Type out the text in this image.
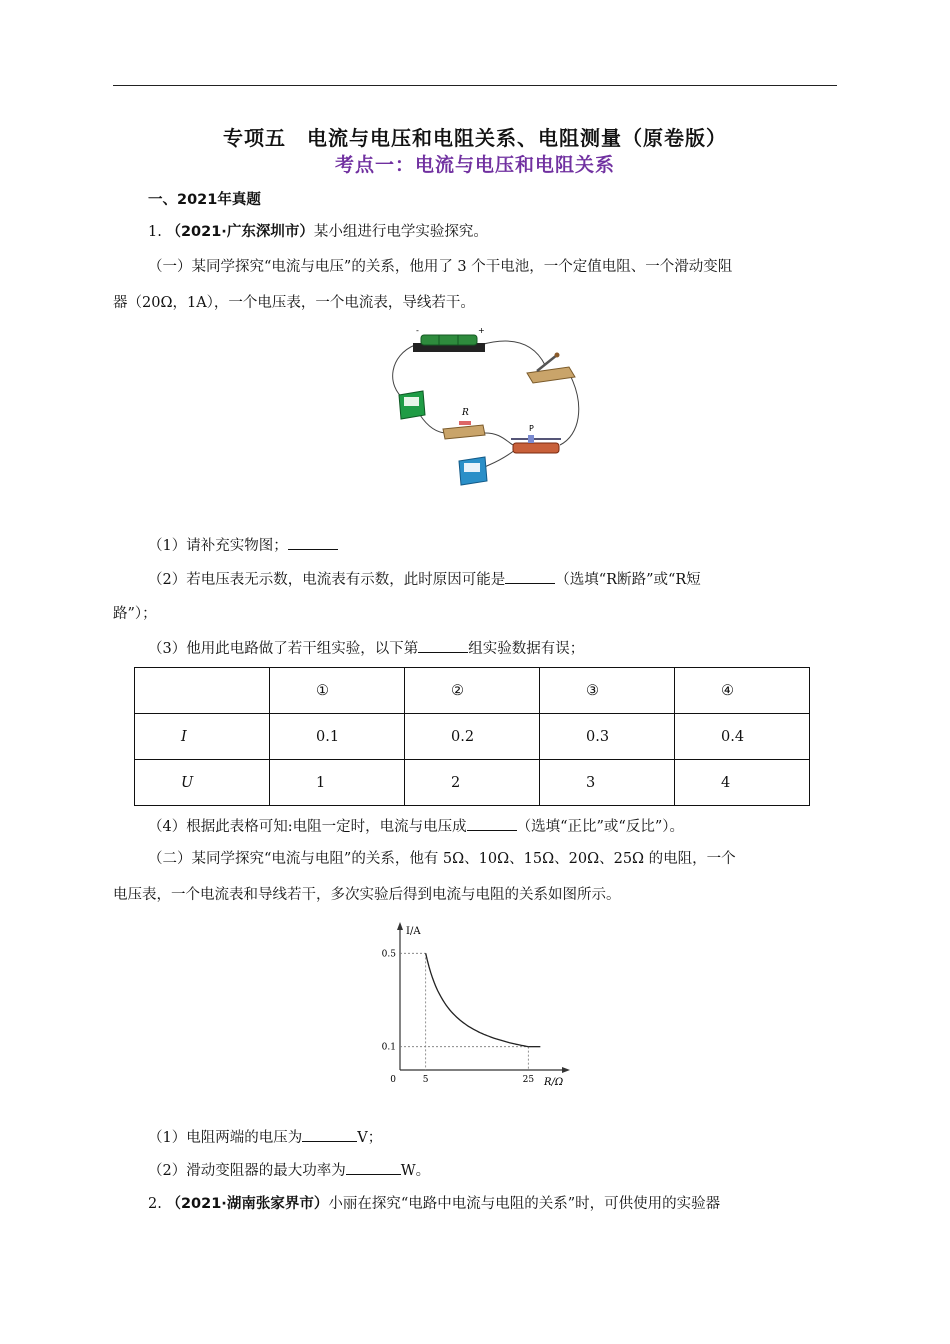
专项五　电流与电压和电阻关系、电阻测量（原卷版）
考点一：电流与电压和电阻关系
一、2021年真题
1. （2021·广东深圳市）某小组进行电学实验探究。
（一）某同学探究“电流与电压”的关系，他用了 3 个干电池，一个定值电阻、一个滑动变阻
器（20Ω，1A），一个电压表，一个电流表，导线若干。
-	+
R
P
（1）请补充实物图；
（2）若电压表无示数，电流表有示数，此时原因可能是	（选填“R断路”或“R短
路”）；
（3）他用此电路做了若干组实验，以下第	组实验数据有误；
	①	②	③	④
I	0.1	0.2	0.3	0.4
U	1	2	3	4
（4）根据此表格可知:电阻一定时，电流与电压成	（选填“正比”或“反比”）。
（二）某同学探究“电流与电阻”的关系，他有 5Ω、10Ω、15Ω、20Ω、25Ω 的电阻，一个
电压表，一个电流表和导线若干，多次实验后得到电流与电阻的关系如图所示。
I/A
R/Ω
0.5
0.1
0	5	25
（1）电阻两端的电压为	V；
（2）滑动变阻器的最大功率为	W。
2. （2021·湖南张家界市）小丽在探究“电路中电流与电阻的关系”时，可供使用的实验器
